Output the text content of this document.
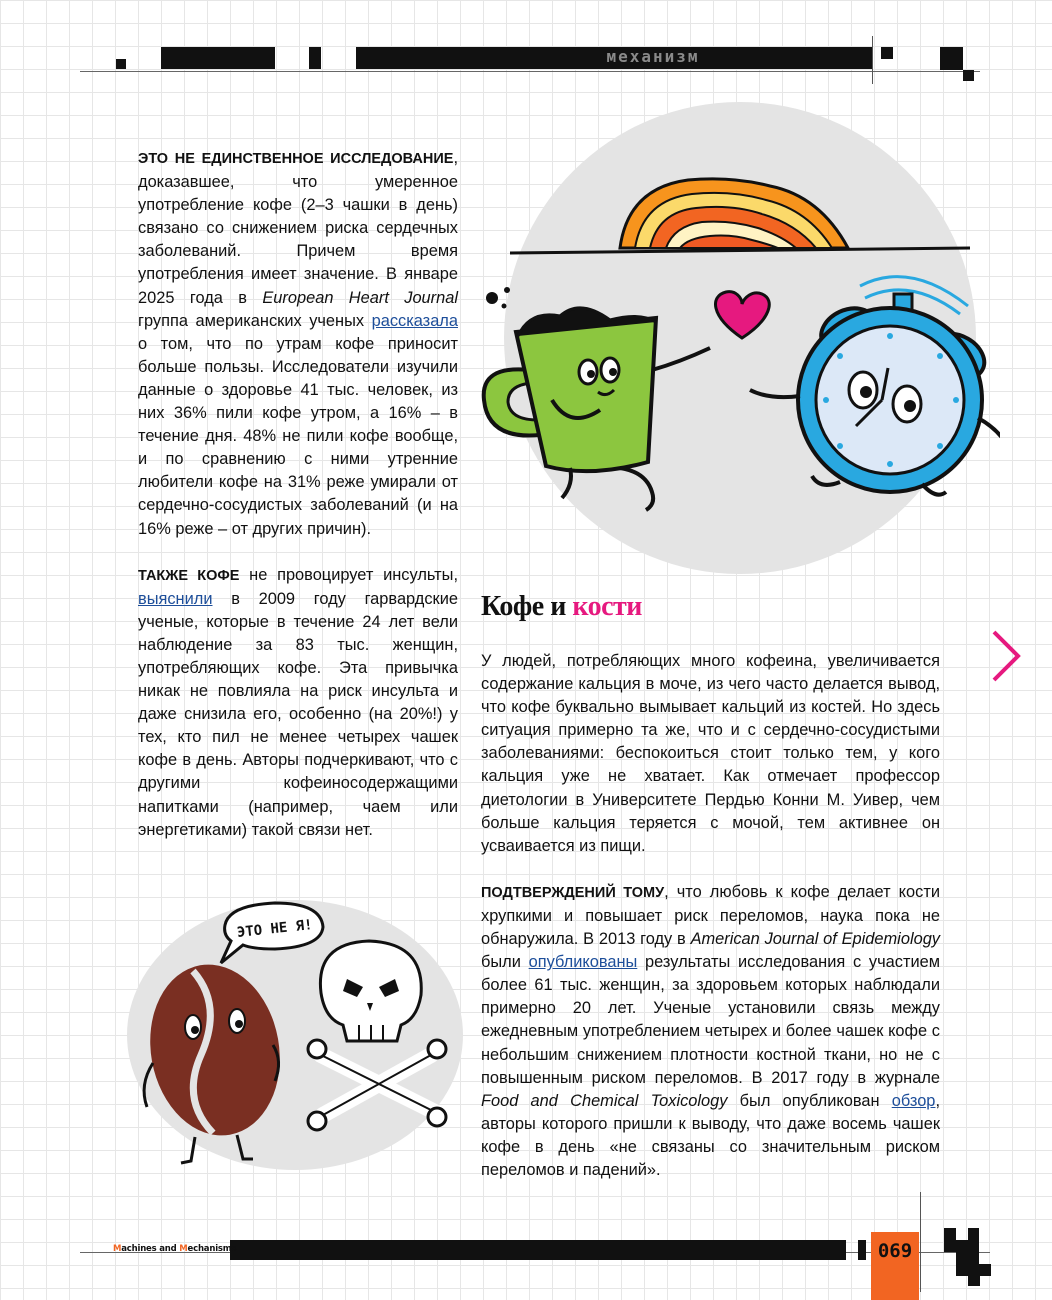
механизм

ЭТО НЕ ЕДИНСТВЕННОЕ ИССЛЕДОВАНИЕ, доказавшее, что умеренное употребление кофе (2–3 чашки в день) связано со снижением риска сердечных заболеваний. Причем время употребления имеет значение. В январе 2025 года в European Heart Journal группа американских ученых рассказала о том, что по утрам кофе приносит больше пользы. Исследователи изучили данные о здоровье 41 тыс. человек, из них 36% пили кофе утром, а 16% – в течение дня. 48% не пили кофе вообще, и по сравнению с ними утренние любители кофе на 31% реже умирали от сердечно-сосудистых заболеваний (и на 16% реже – от других причин).

ТАКЖЕ КОФЕ не провоцирует инсульты, выяснили в 2009 году гарвардские ученые, которые в течение 24 лет вели наблюдение за 83 тыс. женщин, употребляющих кофе. Эта привычка никак не повлияла на риск инсульта и даже снизила его, особенно (на 20%!) у тех, кто пил не менее четырех чашек кофе в день. Авторы подчеркивают, что с другими кофеиносодержащими напитками (например, чаем или энергетиками) такой связи нет.

Кофе и кости

У людей, потребляющих много кофеина, увеличивается содержание кальция в моче, из чего часто делается вывод, что кофе буквально вымывает кальций из костей. Но здесь ситуация примерно та же, что и с сердечно-сосудистыми заболеваниями: беспокоиться стоит только тем, у кого кальция уже не хватает. Как отмечает профессор диетологии в Университете Пердью Конни М. Уивер, чем больше кальция теряется с мочой, тем активнее он усваивается из пищи.

ПОДТВЕРЖДЕНИЙ ТОМУ, что любовь к кофе делает кости хрупкими и повышает риск переломов, наука пока не обнаружила. В 2013 году в American Journal of Epidemiology были опубликованы результаты исследования с участием более 61 тыс. женщин, за здоровьем которых наблюдали примерно 20 лет. Ученые установили связь между ежедневным употреблением четырех и более чашек кофе с небольшим снижением плотности костной ткани, но не с повышенным риском переломов. В 2017 году в журнале Food and Chemical Toxicology был опубликован обзор, авторы которого пришли к выводу, что даже восемь чашек кофе в день «не связаны со значительным риском переломов и падений».

ЭТО НЕ Я!
Machines and Mechanisms	069
